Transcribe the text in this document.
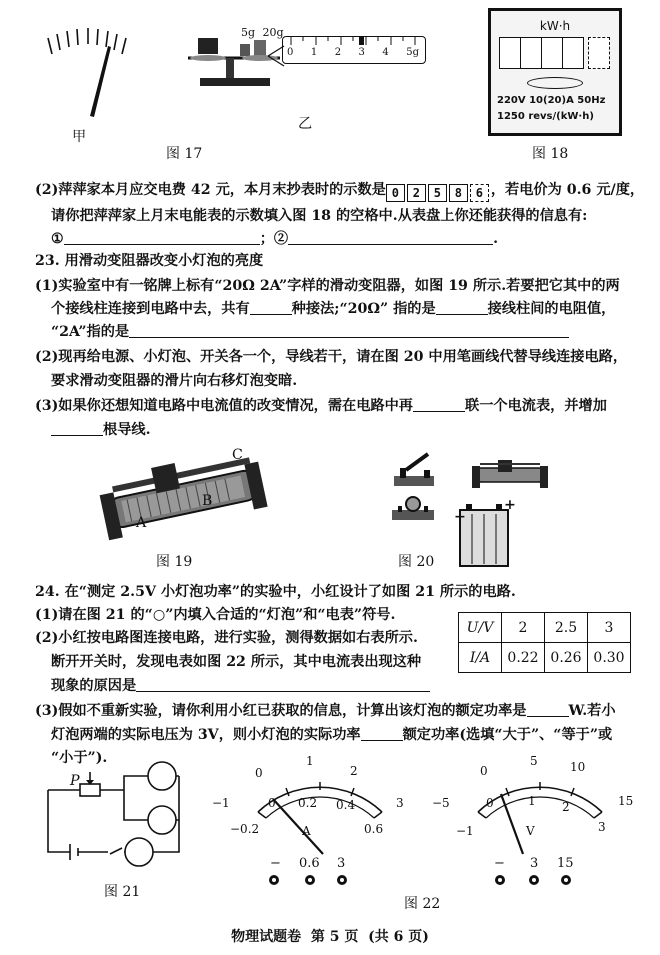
甲
5g 20g
0 1 2 3 4 5g
乙
图 17
kW·h
220V 10(20)A 50Hz
1250 revs/(kW·h)
图 18
(2)萍萍家本月应交电费 42 元，本月末抄表时的示数是 0 2 5 8 6 ，若电价为 0.6 元/度，
请你把萍萍家上月末电能表的示数填入图 18 的空格中.从表盘上你还能获得的信息有:
①	；②	.
23. 用滑动变阻器改变小灯泡的亮度
(1)实验室中有一铭牌上标有“20Ω 2A”字样的滑动变阻器，如图 19 所示.若要把它其中的两
个接线柱连接到电路中去，共有	种接法;“20Ω” 指的是	接线柱间的电阻值，
“2A”指的是
(2)现再给电源、小灯泡、开关各一个，导线若干，请在图 20 中用笔画线代替导线连接电路，
要求滑动变阻器的滑片向右移灯泡变暗.
(3)如果你还想知道电路中电流值的改变情况，需在电路中再	联一个电流表，并增加
根导线.
A
B
C
图 19
+
−
图 20
24. 在“测定 2.5V 小灯泡功率”的实验中，小红设计了如图 21 所示的电路.
(1)请在图 21 的“○”内填入合适的“灯泡”和“电表”符号.
(2)小红按电路图连接电路，进行实验，测得数据如右表所示.
断开开关时，发现电表如图 22 所示，其中电流表出现这种
现象的原因是
U/V	2	2.5	3
I/A	0.22	0.26	0.30
(3)假如不重新实验，请你利用小红已获取的信息，计算出该灯泡的额定功率是	W.若小
灯泡两端的实际电压为 3V，则小灯泡的实际功率	额定功率(选填“大于”、“等于”或
“小于”).
P
图 21
−1
0
1
2
3
−0.2
0 0.2 0.4
0.6
A
− 0.6 3
−5
0
5	10
15
−1
0	1 2
3
V
− 3 15
图 22
物理试题卷  第 5 页  (共 6 页)
